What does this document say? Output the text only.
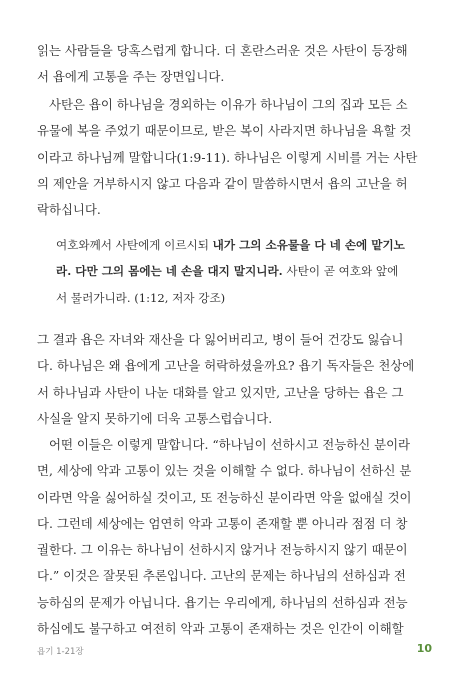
읽는 사람들을 당혹스럽게 합니다. 더 혼란스러운 것은 사탄이 등장해
서 욥에게 고통을 주는 장면입니다.
사탄은 욥이 하나님을 경외하는 이유가 하나님이 그의 집과 모든 소
유물에 복을 주었기 때문이므로, 받은 복이 사라지면 하나님을 욕할 것
이라고 하나님께 말합니다(1:9-11). 하나님은 이렇게 시비를 거는 사탄
의 제안을 거부하시지 않고 다음과 같이 말씀하시면서 욥의 고난을 허
락하십니다.
여호와께서 사탄에게 이르시되 내가 그의 소유물을 다 네 손에 맡기노
라. 다만 그의 몸에는 네 손을 대지 말지니라. 사탄이 곧 여호와 앞에
서 물러가니라. (1:12, 저자 강조)
그 결과 욥은 자녀와 재산을 다 잃어버리고, 병이 들어 건강도 잃습니
다. 하나님은 왜 욥에게 고난을 허락하셨을까요? 욥기 독자들은 천상에
서 하나님과 사탄이 나눈 대화를 알고 있지만, 고난을 당하는 욥은 그
사실을 알지 못하기에 더욱 고통스럽습니다.
어떤 이들은 이렇게 말합니다. “하나님이 선하시고 전능하신 분이라
면, 세상에 악과 고통이 있는 것을 이해할 수 없다. 하나님이 선하신 분
이라면 악을 싫어하실 것이고, 또 전능하신 분이라면 악을 없애실 것이
다. 그런데 세상에는 엄연히 악과 고통이 존재할 뿐 아니라 점점 더 창
궐한다. 그 이유는 하나님이 선하시지 않거나 전능하시지 않기 때문이
다.” 이것은 잘못된 추론입니다. 고난의 문제는 하나님의 선하심과 전
능하심의 문제가 아닙니다. 욥기는 우리에게, 하나님의 선하심과 전능
하심에도 불구하고 여전히 악과 고통이 존재하는 것은 인간이 이해할
욥기 1-21장	10
